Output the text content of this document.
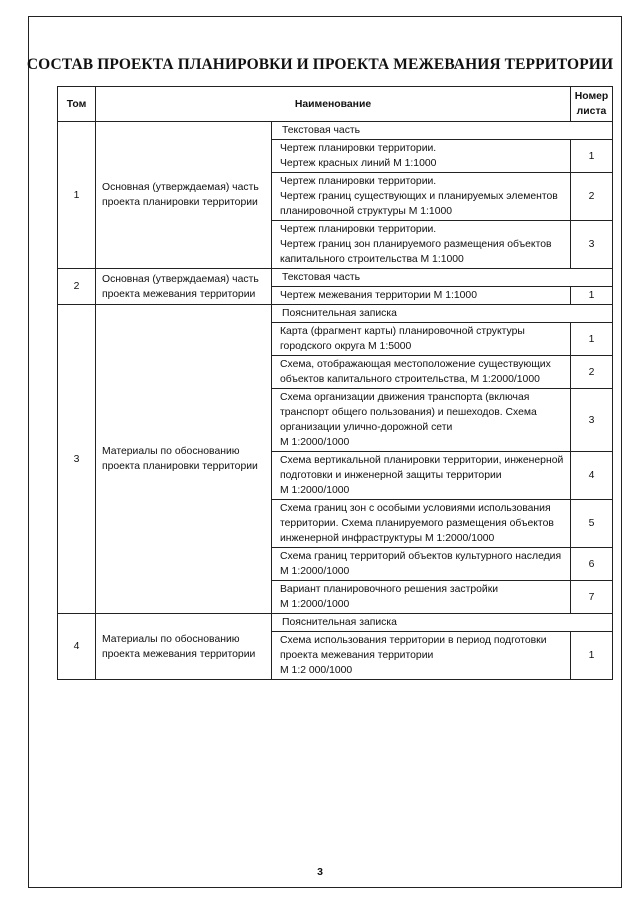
СОСТАВ ПРОЕКТА ПЛАНИРОВКИ И ПРОЕКТА МЕЖЕВАНИЯ ТЕРРИТОРИИ
Том	Наименование		Номер листа
1	Основная (утверждаемая) часть проекта планировки территории	Текстовая часть	
		Чертеж планировки территории.
Чертеж красных линий М 1:1000	1
		Чертеж планировки территории.
Чертеж границ существующих и планируемых элементов планировочной структуры М 1:1000	2
		Чертеж планировки территории.
Чертеж границ зон планируемого размещения объектов капитального строительства М 1:1000	3
2	Основная (утверждаемая) часть проекта межевания территории	Текстовая часть	
		Чертеж межевания территории М 1:1000	1
3	Материалы по обоснованию проекта планировки территории	Пояснительная записка	
		Карта (фрагмент карты) планировочной структуры городского округа М 1:5000	1
		Схема, отображающая местоположение существующих объектов капитального строительства, М 1:2000/1000	2
		Схема организации движения транспорта (включая транспорт общего пользования) и пешеходов. Схема организации улично-дорожной сети
М 1:2000/1000	3
		Схема вертикальной планировки территории, инженерной подготовки и инженерной защиты территории
М 1:2000/1000	4
		Схема границ зон с особыми условиями использования территории. Схема планируемого размещения объектов инженерной инфраструктуры М 1:2000/1000	5
		Схема границ территорий объектов культурного наследия М 1:2000/1000	6
		Вариант планировочного решения застройки
М 1:2000/1000	7
4	Материалы по обоснованию проекта межевания территории	Пояснительная записка	
		Схема использования территории в период подготовки проекта межевания территории
М 1:2 000/1000	1
3
